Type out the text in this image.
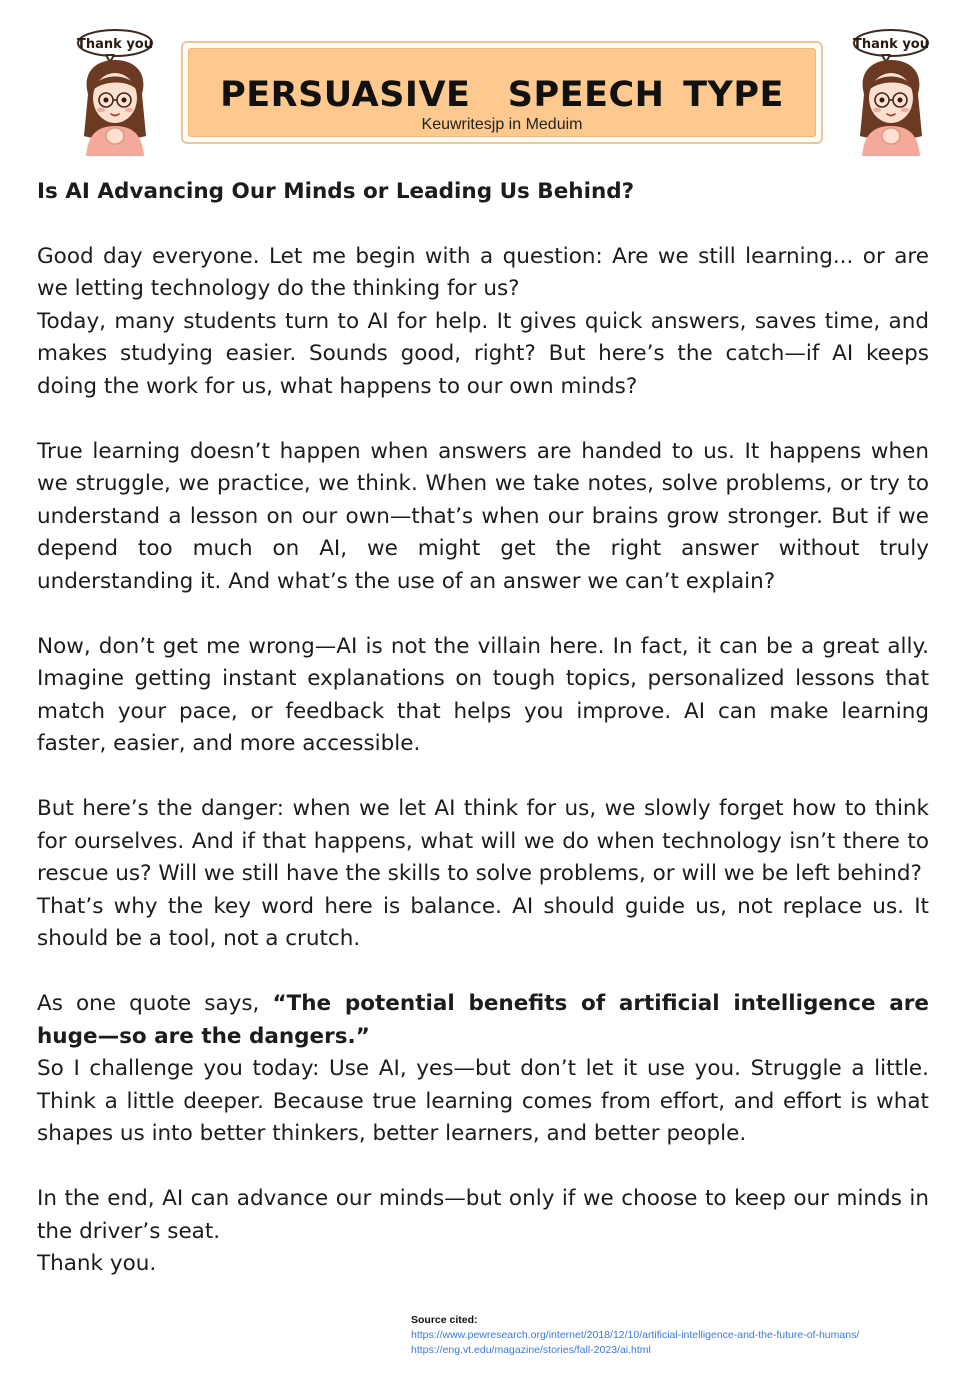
Thank you
PERSUASIVE  SPEECH TYPE
Keuwritesjp in Meduim
Thank you
Is AI Advancing Our Minds or Leading Us Behind?
Good day everyone. Let me begin with a question: Are we still learning... or are we letting technology do the thinking for us?
Today, many students turn to AI for help. It gives quick answers, saves time, and makes studying easier. Sounds good, right? But here’s the catch—if AI keeps doing the work for us, what happens to our own minds?
True learning doesn’t happen when answers are handed to us. It happens when we struggle, we practice, we think. When we take notes, solve problems, or try to understand a lesson on our own—that’s when our brains grow stronger. But if we depend too much on AI, we might get the right answer without truly understanding it. And what’s the use of an answer we can’t explain?
Now, don’t get me wrong—AI is not the villain here. In fact, it can be a great ally. Imagine getting instant explanations on tough topics, personalized lessons that match your pace, or feedback that helps you improve. AI can make learning faster, easier, and more accessible.
But here’s the danger: when we let AI think for us, we slowly forget how to think for ourselves. And if that happens, what will we do when technology isn’t there to rescue us? Will we still have the skills to solve problems, or will we be left behind?
That’s why the key word here is balance. AI should guide us, not replace us. It should be a tool, not a crutch.
As one quote says, “The potential benefits of artificial intelligence are huge—so are the dangers.”
So I challenge you today: Use AI, yes—but don’t let it use you. Struggle a little. Think a little deeper. Because true learning comes from effort, and effort is what shapes us into better thinkers, better learners, and better people.
In the end, AI can advance our minds—but only if we choose to keep our minds in the driver’s seat.
Thank you.
Source cited:
https://www.pewresearch.org/internet/2018/12/10/artificial-intelligence-and-the-future-of-humans/
https://eng.vt.edu/magazine/stories/fall-2023/ai.html
